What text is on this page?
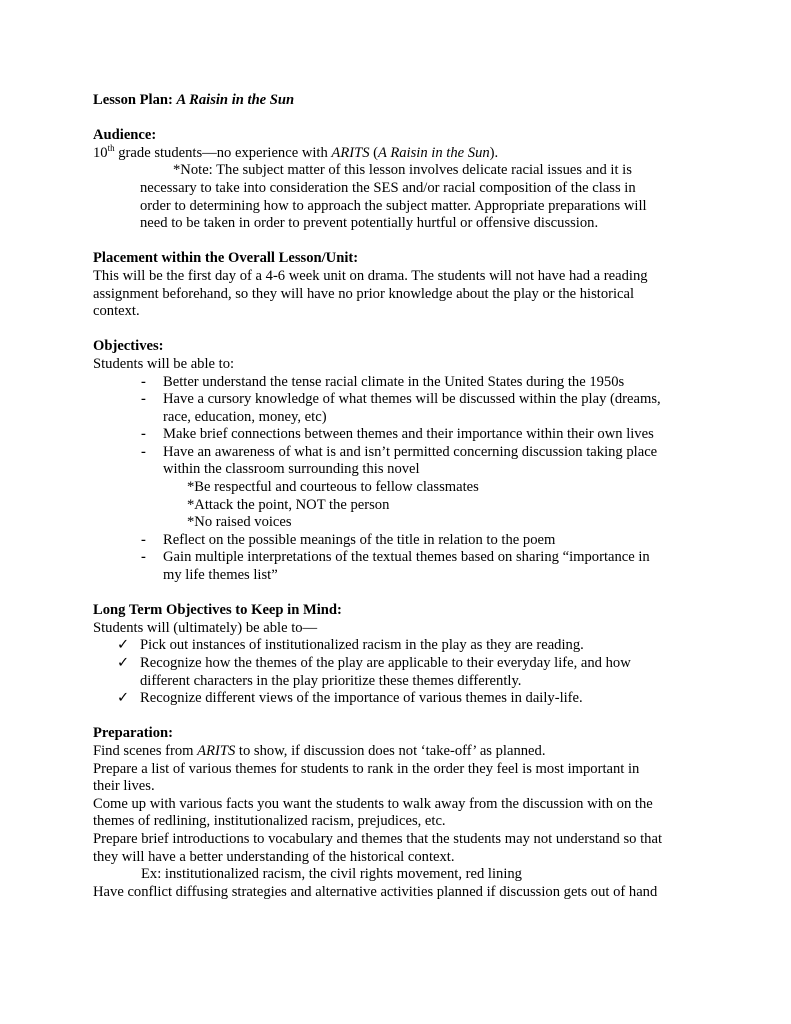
Lesson Plan: A Raisin in the Sun

Audience:

10th grade students—no experience with ARITS (A Raisin in the Sun).

*Note: The subject matter of this lesson involves delicate racial issues and it is

necessary to take into consideration the SES and/or racial composition of the class in

order to determining how to approach the subject matter. Appropriate preparations will

need to be taken in order to prevent potentially hurtful or offensive discussion.

Placement within the Overall Lesson/Unit:

This will be the first day of a 4-6 week unit on drama. The students will not have had a reading

assignment beforehand, so they will have no prior knowledge about the play or the historical

context.

Objectives:

Students will be able to:

- Better understand the tense racial climate in the United States during the 1950s
- Have a cursory knowledge of what themes will be discussed within the play (dreams,
race, education, money, etc)
- Make brief connections between themes and their importance within their own lives
- Have an awareness of what is and isn’t permitted concerning discussion taking place
within the classroom surrounding this novel

*Be respectful and courteous to fellow classmates

*Attack the point, NOT the person

*No raised voices

- Reflect on the possible meanings of the title in relation to the poem
- Gain multiple interpretations of the textual themes based on sharing “importance in
my life themes list”

Long Term Objectives to Keep in Mind:

Students will (ultimately) be able to—

✓ Pick out instances of institutionalized racism in the play as they are reading.
✓ Recognize how the themes of the play are applicable to their everyday life, and how
different characters in the play prioritize these themes differently.
✓ Recognize different views of the importance of various themes in daily-life.

Preparation:

Find scenes from ARITS to show, if discussion does not ‘take-off’ as planned.

Prepare a list of various themes for students to rank in the order they feel is most important in

their lives.

Come up with various facts you want the students to walk away from the discussion with on the

themes of redlining, institutionalized racism, prejudices, etc.

Prepare brief introductions to vocabulary and themes that the students may not understand so that

they will have a better understanding of the historical context.

Ex: institutionalized racism, the civil rights movement, red lining

Have conflict diffusing strategies and alternative activities planned if discussion gets out of hand
